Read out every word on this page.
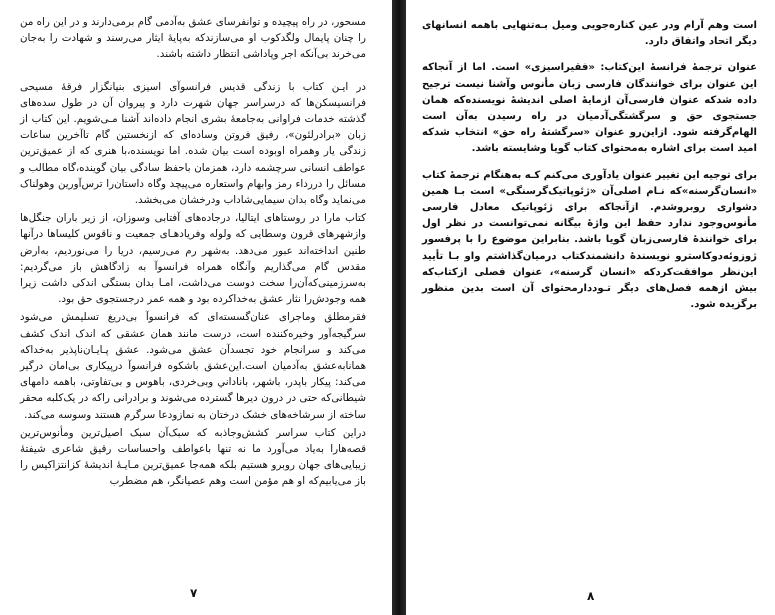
مسحور، در راه پیچیده و توانفرسای عشق به‌آدمی گام برمی‌دارند و در این راه من را چنان پایمال ولگدکوب او می‌سازندکه به‌پایهٔ ایثار می‌رسند و شهادت را به‌جان می‌خرند بی‌آنکه اجر وپاداشی انتظار داشته باشند.

در ایـن کتاب با زندگی قدیس فرانسوآی اسیزی بنیانگزار فرقهٔ مسیحی فرانسیسکن‌ها که درسراسر جهان شهرت دارد و پیروان آن در طول سده‌های گذشته خدمات فراوانی به‌جامعهٔ بشری انجام داده‌اند آشنا مـی‌شویم. این کتاب از زبان «برادرلئون»، رفیق فروتن وساده‌ای که ازنخستین گام تاآخرین ساعات زندگی یار وهمراه اوبوده است بیان شده. اما نویسنده،با هنری که از عمیق‌ترین عواطف انسانی سرچشمه دارد، همزمان باحفظ سادگی بیان گوینده،گاه مطالب و مسائل را دررداء رمز وابهام واستعاره می‌پیچد وگاه داستان‌را ترس‌آورین وهولناک می‌نماید وگاه بدان سیمایی‌شاداب ودرخشان می‌بخشد.

کتاب مارا در روستاهای ایتالیا، درجاده‌های آفتابی وسوزان، از زیر باران جنگل‌ها وازشهرهای قرون وسطایی که ولوله وفریادهـای جمعیت و ناقوس کلیساها درآنها طنین انداخته‌اند عبور می‌دهد. به‌شهر رم می‌رسیم، دریا را می‌نوردیم، به‌ارض مقدس گام می‌گذاریم وآنگاه همراه فرانسوآ به زادگاهش باز می‌گردیم: به‌سرزمینی‌که‌آن‌را سخت دوست می‌داشت، امـا بدان بستگی اندکی داشت زیرا همه وجودش‌را نثار عشق به‌خداکرده بود و همه عمر درجستجوی حق بود.

فقرمطلق وماجرای عنان‌گسسته‌ای که فرانسوآ بی‌دریغ تسلیمش می‌شود سرگیجه‌آور وخیره‌کننده است، درست مانند همان عشقی که اندک اندک کشف می‌کند و سرانجام خود تجسدآن عشق می‌شود. عشق پـایـان‌ناپذیر به‌خداکه همانابه‌عشق به‌آدمیان است.این‌عشق باشکوه فرانسوآ درپیکاری بی‌امان درگیر می‌کند: پیکار باپدر، باشهر، باناداني وبی‌خردی، باهوس و بی‌تفاوتی، باهمه دامهای شیطانی‌که حتی در درون دیرها گسترده می‌شوند و برادرانی راکه در یک‌کلبه محقر ساخته از سرشاخه‌های خشک درختان به نمازودعا سرگرم هستند وسوسه می‌کند.

دراین کتاب سراسر کشش‌وجاذبه که سبک‌آن سبک اصیل‌ترین ومأنوس‌ترین قصه‌ها‌را به‌یاد می‌آورد ما نه تنها باعواطف واحساسات رقیق شاعری شیفتهٔ زیبایی‌های جهان روبرو هستیم بلکه همه‌جا عمیق‌ترین مـایـهٔ اندیشهٔ کزانتزاکیس را باز می‌یابیم‌که او هم مؤمن است وهم عصیانگر، هم مضطرب

۷

است وهم آرام ودر عین کناره‌جویی ومیل بـه‌تنهایی باهمه انسانهای دیگر اتحاد واتفاق دارد.

عنوان ترجمهٔ فرانسهٔ این‌کتاب: «فقیراسیزی» است. اما از آنجاکه این عنوان برای خوانندگان فارسی زبان مأنوس وآشنا نیست ترجیح داده شدکه عنوان فارسی‌آن ازمایهٔ اصلی اندیشهٔ نویسنده‌که همان جستجوی حق و سرگشتگی‌آدمیان در راه رسیدن به‌آن است الهام‌گرفته شود. ازاین‌رو عنوان «سرگشتهٔ راه حق» انتخاب شدکه امید است برای اشاره به‌محتوای کتاب گویا وشایسته باشد.

برای توجیه این تغییر عنوان یادآوری می‌کنم کـه به‌هنگام ترجمهٔ کتاب «انسان‌گرسنه»که نـام اصلی‌آن «ژئوپاتیک‌گرسنگی» است بـا همین دشواری روبروشدم. ازآنجاکه برای ژئوپاتیک معادل فارسی مأنوس‌وجود ندارد حفظ این واژهٔ بیگانه نمی‌توانست در نظر اول برای خوانندهٔ فارسی‌زبان گویا باشد. بنابراین موضوع را با پرفسور ژوزوئه‌دوکاسترو نویسندهٔ دانشمندکتاب درمیان‌گذاشتم واو بـا تأیید این‌نظر موافقت‌کردکه «انسان گرسنه»، عنوان فصلی ازکتاب‌که بیش ازهمه فصل‌های دیگر تـوددارمحتوای آن است بدین منظور برگزیده شود.

۸
